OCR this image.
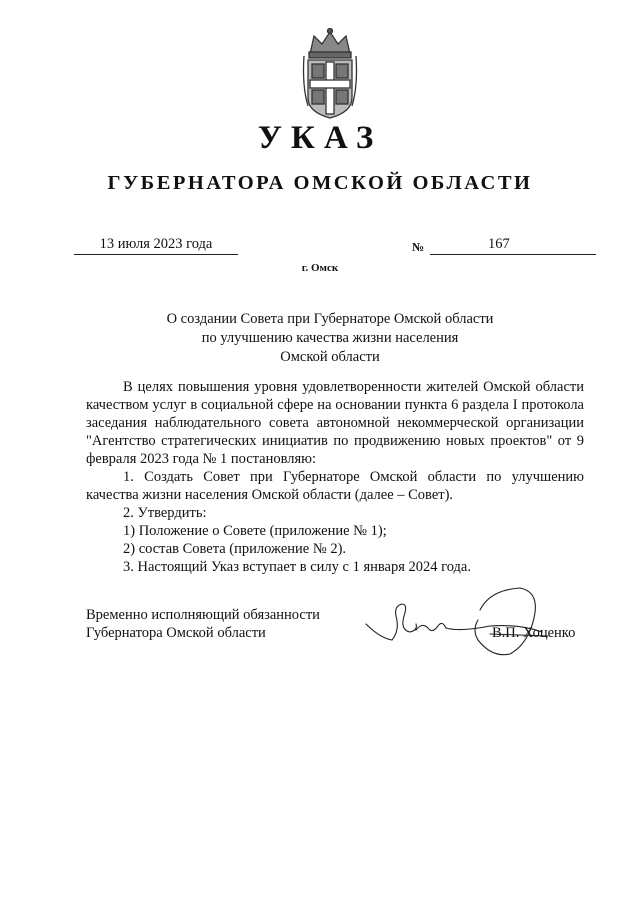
УКАЗ
ГУБЕРНАТОРА ОМСКОЙ ОБЛАСТИ
13 июля 2023 года	№	167
г. Омск
О создании Совета при Губернаторе Омской области
по улучшению качества жизни населения
Омской области

В целях повышения уровня удовлетворенности жителей Омской области качеством услуг в социальной сфере на основании пункта 6 раздела I протокола заседания наблюдательного совета автономной некоммерческой организации "Агентство стратегических инициатив по продвижению новых проектов" от 9 февраля 2023 года № 1 постановляю:

1. Создать Совет при Губернаторе Омской области по улучшению качества жизни населения Омской области (далее – Совет).

2. Утвердить:

1) Положение о Совете (приложение № 1);

2) состав Совета (приложение № 2).

3. Настоящий Указ вступает в силу с 1 января 2024 года.

Временно исполняющий обязанности
Губернатора Омской области	В.П. Хоценко
